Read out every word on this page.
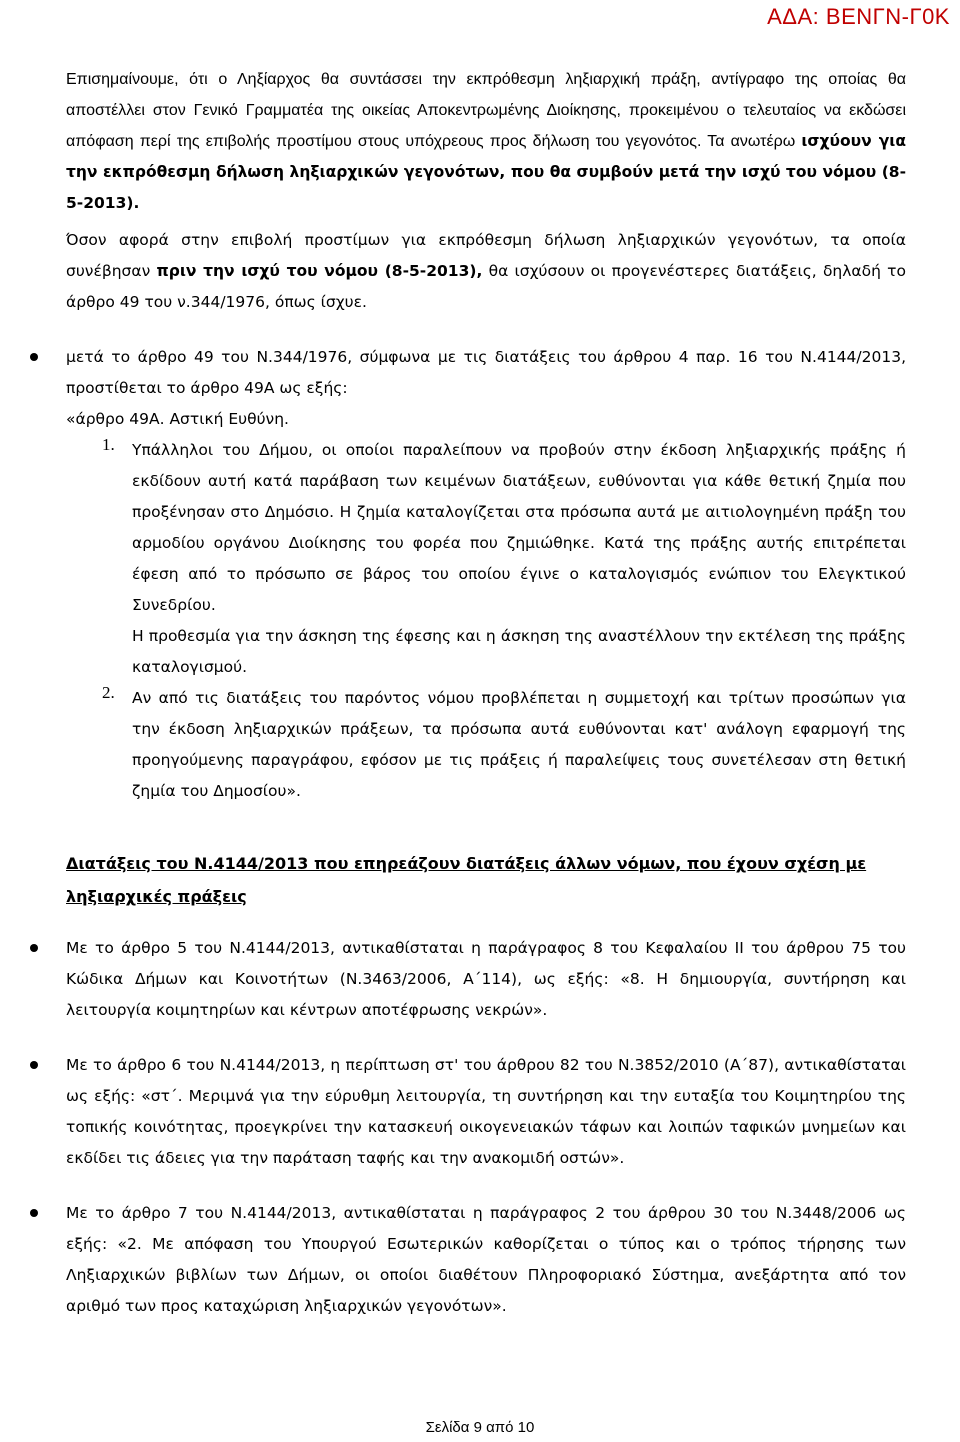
ΑΔΑ: ΒΕΝΓΝ-Γ0Κ

Επισημαίνουμε, ότι ο Ληξίαρχος θα συντάσσει την εκπρόθεσμη ληξιαρχική πράξη, αντίγραφο της οποίας θα αποστέλλει στον Γενικό Γραμματέα της οικείας Αποκεντρωμένης Διοίκησης, προκειμένου ο τελευταίος να εκδώσει απόφαση περί της επιβολής προστίμου στους υπόχρεους προς δήλωση του γεγονότος. Τα ανωτέρω ισχύουν για την εκπρόθεσμη δήλωση ληξιαρχικών γεγονότων, που θα συμβούν μετά την ισχύ του νόμου (8-5-2013).

Όσον αφορά στην επιβολή προστίμων για εκπρόθεσμη δήλωση ληξιαρχικών γεγονότων, τα οποία συνέβησαν πριν την ισχύ του νόμου (8-5-2013), θα ισχύσουν οι προγενέστερες διατάξεις, δηλαδή το άρθρο 49 του ν.344/1976, όπως ίσχυε.

μετά το άρθρο 49 του Ν.344/1976, σύμφωνα με τις διατάξεις του άρθρου 4 παρ. 16 του Ν.4144/2013, προστίθεται το άρθρο 49Α ως εξής:

«άρθρο 49Α. Αστική Ευθύνη.

1. Υπάλληλοι του Δήμου, οι οποίοι παραλείπουν να προβούν στην έκδοση ληξιαρχικής πράξης ή εκδίδουν αυτή κατά παράβαση των κειμένων διατάξεων, ευθύνονται για κάθε θετική ζημία που προξένησαν στο Δημόσιο. Η ζημία καταλογίζεται στα πρόσωπα αυτά με αιτιολογημένη πράξη του αρμοδίου οργάνου Διοίκησης του φορέα που ζημιώθηκε. Κατά της πράξης αυτής επιτρέπεται έφεση από το πρόσωπο σε βάρος του οποίου έγινε ο καταλογισμός ενώπιον του Ελεγκτικού Συνεδρίου.

Η προθεσμία για την άσκηση της έφεσης και η άσκηση της αναστέλλουν την εκτέλεση της πράξης καταλογισμού.

2. Αν από τις διατάξεις του παρόντος νόμου προβλέπεται η συμμετοχή και τρίτων προσώπων για την έκδοση ληξιαρχικών πράξεων, τα πρόσωπα αυτά ευθύνονται κατ' ανάλογη εφαρμογή της προηγούμενης παραγράφου, εφόσον με τις πράξεις ή παραλείψεις τους συνετέλεσαν στη θετική ζημία του Δημοσίου».

Διατάξεις του Ν.4144/2013 που επηρεάζουν διατάξεις άλλων νόμων, που έχουν σχέση με ληξιαρχικές πράξεις

Με το άρθρο 5 του Ν.4144/2013, αντικαθίσταται η παράγραφος 8 του Κεφαλαίου ΙΙ του άρθρου 75 του Κώδικα Δήμων και Κοινοτήτων (Ν.3463/2006, Α΄114), ως εξής: «8. Η δημιουργία, συντήρηση και λειτουργία κοιμητηρίων και κέντρων αποτέφρωσης νεκρών».

Με το άρθρο 6 του Ν.4144/2013, η περίπτωση στ' του άρθρου 82 του Ν.3852/2010 (Α΄87), αντικαθίσταται ως εξής: «στ΄. Μεριμνά για την εύρυθμη λειτουργία, τη συντήρηση και την ευταξία του Κοιμητηρίου της τοπικής κοινότητας, προεγκρίνει την κατασκευή οικογενειακών τάφων και λοιπών ταφικών μνημείων και εκδίδει τις άδειες για την παράταση ταφής και την ανακομιδή οστών».

Με το άρθρο 7 του Ν.4144/2013, αντικαθίσταται η παράγραφος 2 του άρθρου 30 του Ν.3448/2006 ως εξής: «2. Με απόφαση του Υπουργού Εσωτερικών καθορίζεται ο τύπος και ο τρόπος τήρησης των Ληξιαρχικών βιβλίων των Δήμων, οι οποίοι διαθέτουν Πληροφοριακό Σύστημα, ανεξάρτητα από τον αριθμό των προς καταχώριση ληξιαρχικών γεγονότων».

Σελίδα 9 από 10
